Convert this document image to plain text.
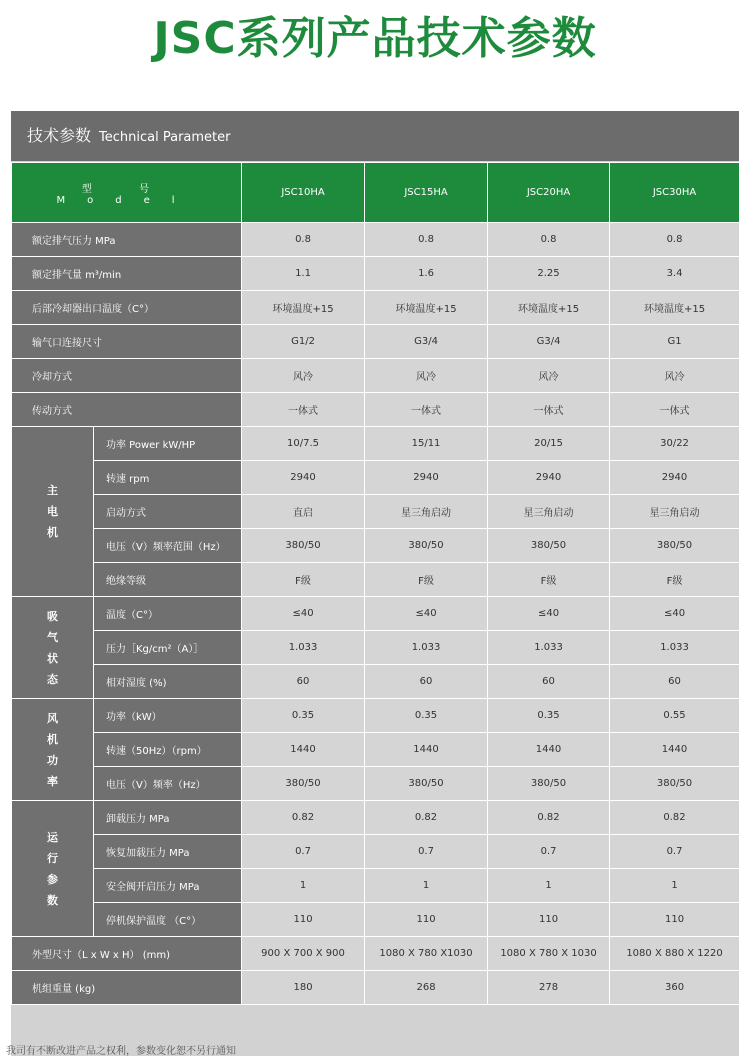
JSC系列产品技术参数
技术参数 Technical Parameter
型 号 Model		JSC10HA	JSC15HA	JSC20HA	JSC30HA
额定排气压力 MPa		0.8	0.8	0.8	0.8
额定排气量 m³/min		1.1	1.6	2.25	3.4
后部冷却器出口温度（C°）		环境温度+15	环境温度+15	环境温度+15	环境温度+15
输气口连接尺寸		G1/2	G3/4	G3/4	G1
冷却方式		风冷	风冷	风冷	风冷
传动方式		一体式	一体式	一体式	一体式
主
电
机	功率 Power kW/HP	10/7.5	15/11	20/15	30/22
	转速 rpm	2940	2940	2940	2940
	启动方式	直启	星三角启动	星三角启动	星三角启动
	电压（V）频率范围（Hz）	380/50	380/50	380/50	380/50
	绝缘等级	F级	F级	F级	F级
吸
气
状
态	温度（C°）	≤40	≤40	≤40	≤40
	压力［Kg/cm²（A）］	1.033	1.033	1.033	1.033
	相对湿度 (%)	60	60	60	60
风
机
功
率	功率（kW）	0.35	0.35	0.35	0.55
	转速（50Hz）（rpm）	1440	1440	1440	1440
	电压（V）频率（Hz）	380/50	380/50	380/50	380/50
运
行
参
数	卸载压力 MPa	0.82	0.82	0.82	0.82
	恢复加载压力 MPa	0.7	0.7	0.7	0.7
	安全阀开启压力 MPa	1	1	1	1
	停机保护温度 （C°）	110	110	110	110
外型尺寸（L x W x H） (mm)		900 X 700 X 900	1080 X 780 X1030	1080 X 780 X 1030	1080 X 880 X 1220
机组重量 (kg)		180	268	278	360
我司有不断改进产品之权利，参数变化恕不另行通知
